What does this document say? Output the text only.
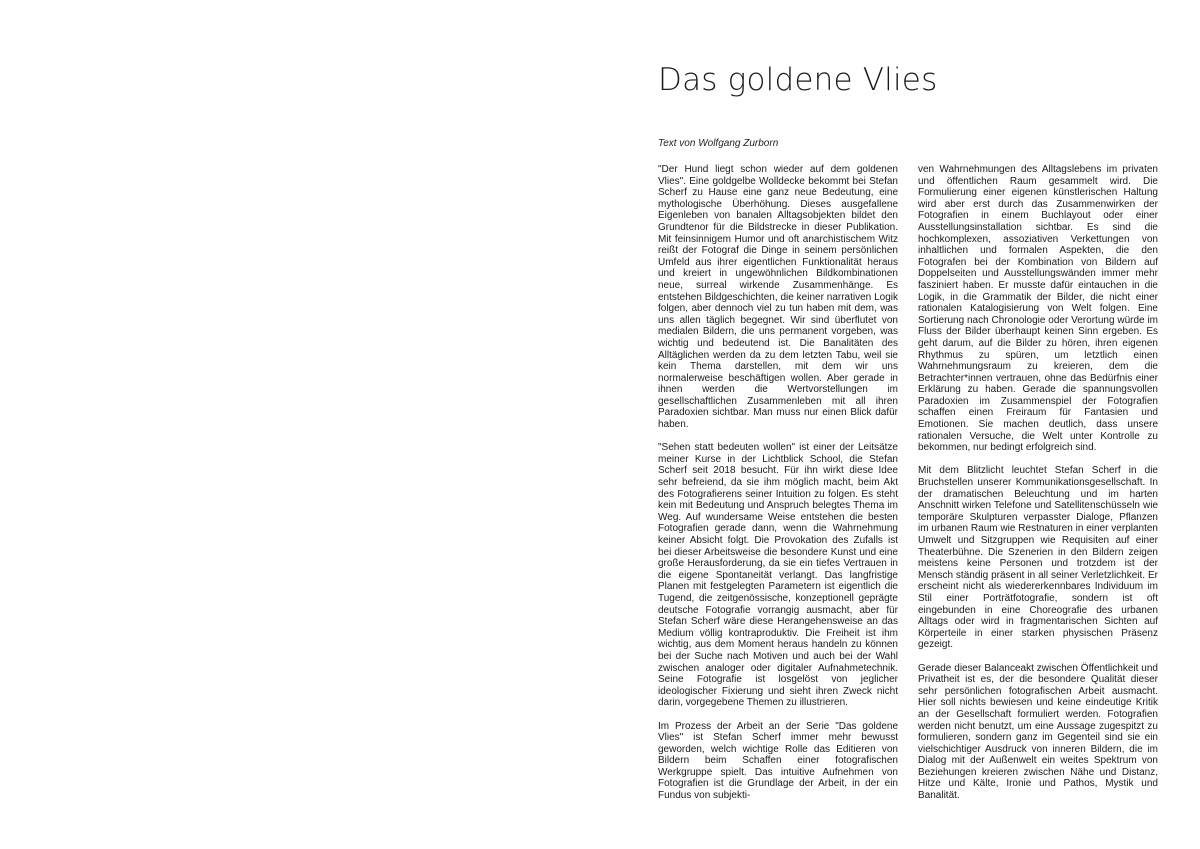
Das goldene Vlies

Text von Wolfgang Zurborn

"Der Hund liegt schon wieder auf dem goldenen Vlies". Eine goldgelbe Wolldecke bekommt bei Stefan Scherf zu Hause eine ganz neue Bedeutung, eine mythologische Überhöhung. Dieses ausgefallene Eigenleben von banalen Alltagsobjekten bildet den Grundtenor für die Bildstrecke in dieser Publikation. Mit feinsinnigem Humor und oft anarchistischem Witz reißt der Fotograf die Dinge in seinem persönlichen Umfeld aus ihrer eigentlichen Funktionalität heraus und kreiert in ungewöhnlichen Bildkombinationen neue, surreal wirkende Zusammenhänge. Es entstehen Bildgeschichten, die keiner narrativen Logik folgen, aber dennoch viel zu tun haben mit dem, was uns allen täglich begegnet. Wir sind überflutet von medialen Bildern, die uns permanent vorgeben, was wichtig und bedeutend ist. Die Banalitäten des Alltäglichen werden da zu dem letzten Tabu, weil sie kein Thema darstellen, mit dem wir uns normalerweise beschäftigen wollen. Aber gerade in ihnen werden die Wertvorstellungen im gesellschaftlichen Zusammenleben mit all ihren Paradoxien sichtbar. Man muss nur einen Blick dafür haben.

"Sehen statt bedeuten wollen" ist einer der Leitsätze meiner Kurse in der Lichtblick School, die Stefan Scherf seit 2018 besucht. Für ihn wirkt diese Idee sehr befreiend, da sie ihm möglich macht, beim Akt des Fotografierens seiner Intuition zu folgen. Es steht kein mit Bedeutung und Anspruch belegtes Thema im Weg. Auf wundersame Weise entstehen die besten Fotografien gerade dann, wenn die Wahrnehmung keiner Absicht folgt. Die Provokation des Zufalls ist bei dieser Arbeitsweise die besondere Kunst und eine große Herausforderung, da sie ein tiefes Vertrauen in die eigene Spontaneität verlangt. Das langfristige Planen mit festgelegten Parametern ist eigentlich die Tugend, die zeitgenössische, konzeptionell geprägte deutsche Fotografie vorrangig ausmacht, aber für Stefan Scherf wäre diese Herangehensweise an das Medium völlig kontraproduktiv. Die Freiheit ist ihm wichtig, aus dem Moment heraus handeln zu können bei der Suche nach Motiven und auch bei der Wahl zwischen analoger oder digitaler Aufnahmetechnik. Seine Fotografie ist losgelöst von jeglicher ideologischer Fixierung und sieht ihren Zweck nicht darin, vorgegebene Themen zu illustrieren.

Im Prozess der Arbeit an der Serie "Das goldene Vlies" ist Stefan Scherf immer mehr bewusst geworden, welch wichtige Rolle das Editieren von Bildern beim Schaffen einer fotografischen Werkgruppe spielt. Das intuitive Aufnehmen von Fotografien ist die Grundlage der Arbeit, in der ein Fundus von subjekti-

ven Wahrnehmungen des Alltagslebens im privaten und öffentlichen Raum gesammelt wird. Die Formulierung einer eigenen künstlerischen Haltung wird aber erst durch das Zusammenwirken der Fotografien in einem Buchlayout oder einer Ausstellungsinstallation sichtbar. Es sind die hochkomplexen, assoziativen Verkettungen von inhaltlichen und formalen Aspekten, die den Fotografen bei der Kombination von Bildern auf Doppelseiten und Ausstellungswänden immer mehr fasziniert haben. Er musste dafür eintauchen in die Logik, in die Grammatik der Bilder, die nicht einer rationalen Katalogisierung von Welt folgen. Eine Sortierung nach Chronologie oder Verortung würde im Fluss der Bilder überhaupt keinen Sinn ergeben. Es geht darum, auf die Bilder zu hören, ihren eigenen Rhythmus zu spüren, um letztlich einen Wahrnehmungsraum zu kreieren, dem die Betrachter*innen vertrauen, ohne das Bedürfnis einer Erklärung zu haben. Gerade die spannungsvollen Paradoxien im Zusammenspiel der Fotografien schaffen einen Freiraum für Fantasien und Emotionen. Sie machen deutlich, dass unsere rationalen Versuche, die Welt unter Kontrolle zu bekommen, nur bedingt erfolgreich sind.

Mit dem Blitzlicht leuchtet Stefan Scherf in die Bruchstellen unserer Kommunikationsgesellschaft. In der dramatischen Beleuchtung und im harten Anschnitt wirken Telefone und Satellitenschüsseln wie temporäre Skulpturen verpasster Dialoge, Pflanzen im urbanen Raum wie Restnaturen in einer verplanten Umwelt und Sitzgruppen wie Requisiten auf einer Theaterbühne. Die Szenerien in den Bildern zeigen meistens keine Personen und trotzdem ist der Mensch ständig präsent in all seiner Verletzlichkeit. Er erscheint nicht als wiedererkennbares Individuum im Stil einer Porträtfotografie, sondern ist oft eingebunden in eine Choreografie des urbanen Alltags oder wird in fragmentarischen Sichten auf Körperteile in einer starken physischen Präsenz gezeigt.

Gerade dieser Balanceakt zwischen Öffentlichkeit und Privatheit ist es, der die besondere Qualität dieser sehr persönlichen fotografischen Arbeit ausmacht. Hier soll nichts bewiesen und keine eindeutige Kritik an der Gesellschaft formuliert werden. Fotografien werden nicht benutzt, um eine Aussage zugespitzt zu formulieren, sondern ganz im Gegenteil sind sie ein vielschichtiger Ausdruck von inneren Bildern, die im Dialog mit der Außenwelt ein weites Spektrum von Beziehungen kreieren zwischen Nähe und Distanz, Hitze und Kälte, Ironie und Pathos, Mystik und Banalität.
